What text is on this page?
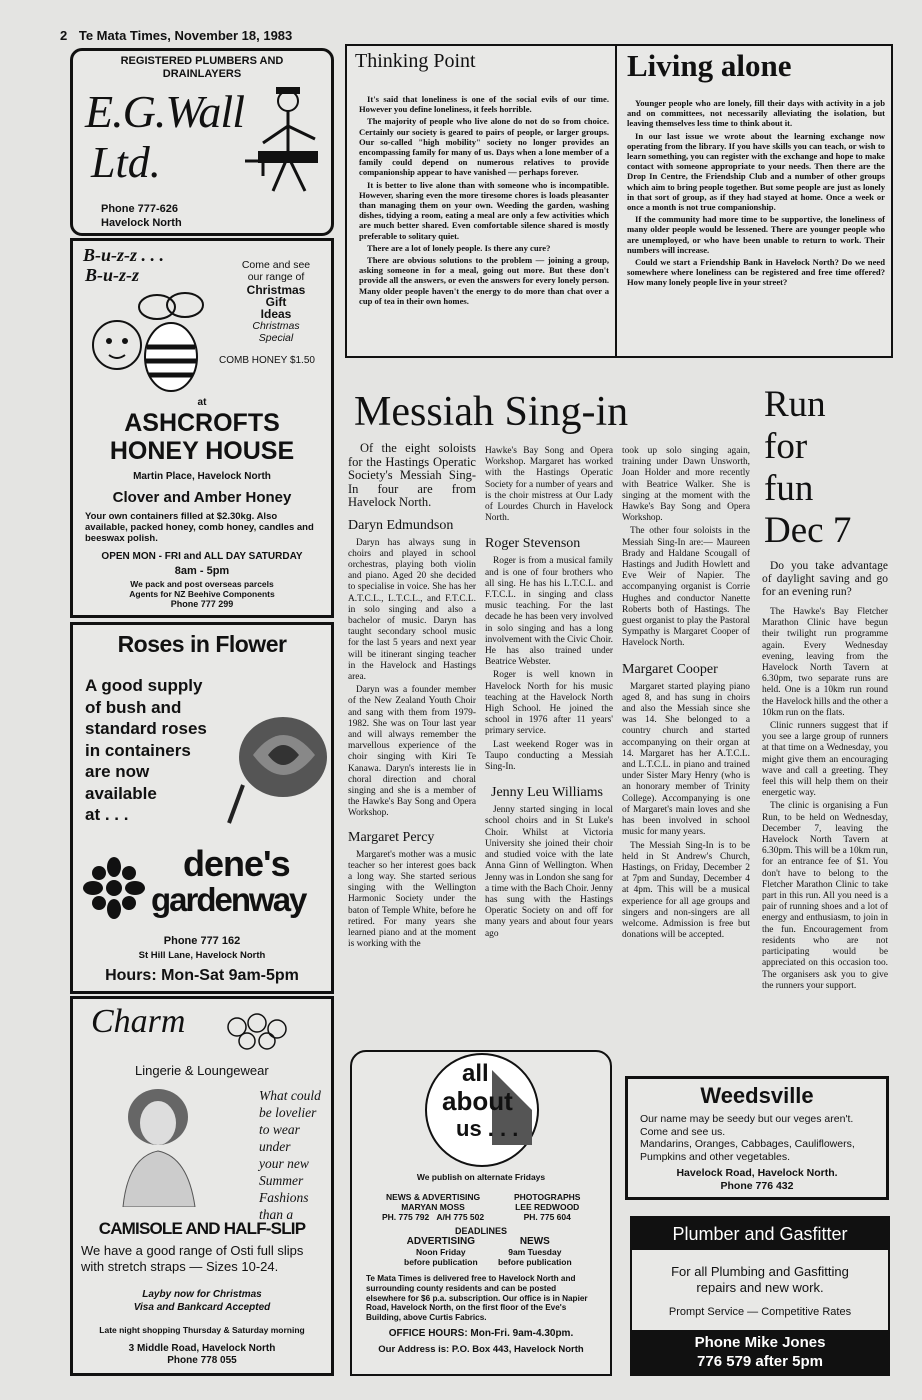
2 Te Mata Times, November 18, 1983
REGISTERED PLUMBERS AND
DRAINLAYERS
E.G.Wall
Ltd.
Phone 777-626
Havelock North
B-u-z-z . . .
B-u-z-z	Come and see
our range of
Christmas
Gift
Ideas
Christmas
Special
COMB HONEY $1.50
at
ASHCROFTS
HONEY HOUSE
Martin Place, Havelock North
Clover and Amber Honey
Your own containers filled at $2.30kg. Also available, packed honey, comb honey, candles and beeswax polish.
OPEN MON - FRI and ALL DAY SATURDAY
8am - 5pm
We pack and post overseas parcels
Agents for NZ Beehive Components
Phone 777 299
Roses in Flower
A good supply
of bush and
standard roses
in containers
are now
available
at . . .
dene's
gardenway
Phone 777 162
St Hill Lane, Havelock North
Hours: Mon-Sat 9am-5pm
Charm
Lingerie & Loungewear
What could
be lovelier
to wear under
your new
Summer
Fashions
than a
CAMISOLE AND HALF-SLIP
We have a good range of Osti full slips with stretch straps — Sizes 10-24.
Layby now for Christmas
Visa and Bankcard Accepted
Late night shopping Thursday & Saturday morning
3 Middle Road, Havelock North
Phone 778 055
Thinking Point

It's said that loneliness is one of the social evils of our time. However you define loneliness, it feels horrible.

The majority of people who live alone do not do so from choice. Certainly our society is geared to pairs of people, or larger groups. Our so-called "high mobility" society no longer provides an encompassing family for many of us. Days when a lone member of a family could depend on numerous relatives to provide companionship appear to have vanished — perhaps forever.

It is better to live alone than with someone who is incompatible. However, sharing even the more tiresome chores is loads pleasanter than managing them on your own. Weeding the garden, washing dishes, tidying a room, eating a meal are only a few activities which are much better shared. Even comfortable silence shared is mostly preferable to solitary quiet.

There are a lot of lonely people. Is there any cure?

There are obvious solutions to the problem — joining a group, asking someone in for a meal, going out more. But these don't provide all the answers, or even the answers for every lonely person. Many older people haven't the energy to do more than chat over a cup of tea in their own homes.

Living alone

Younger people who are lonely, fill their days with activity in a job and on committees, not necessarily alleviating the isolation, but leaving themselves less time to think about it.

In our last issue we wrote about the learning exchange now operating from the library. If you have skills you can teach, or wish to learn something, you can register with the exchange and hope to make contact with someone appropriate to your needs. Then there are the Drop In Centre, the Friendship Club and a number of other groups which aim to bring people together. But some people are just as lonely in that sort of group, as if they had stayed at home. Once a week or once a month is not true companionship.

If the community had more time to be supportive, the loneliness of many older people would be lessened. There are younger people who are unemployed, or who have been unable to return to work. Their numbers will increase.

Could we start a Friendship Bank in Havelock North? Do we need somewhere where loneliness can be registered and free time offered? How many lonely people live in your street?

Messiah Sing-in
Of the eight soloists for the Hastings Operatic Society's Messiah Sing-In four are from Havelock North.
Daryn Edmundson

Daryn has always sung in choirs and played in school orchestras, playing both violin and piano. Aged 20 she decided to specialise in voice. She has her A.T.C.L., L.T.C.L., and F.T.C.L. in solo singing and also a bachelor of music. Daryn has taught secondary school music for the last 5 years and next year will be itinerant singing teacher in the Havelock and Hastings area.

Daryn was a founder member of the New Zealand Youth Choir and sang with them from 1979-1982. She was on Tour last year and will always remember the marvellous experience of the choir singing with Kiri Te Kanawa. Daryn's interests lie in choral direction and choral singing and she is a member of the Hawke's Bay Song and Opera Workshop.

Margaret Percy

Margaret's mother was a music teacher so her interest goes back a long way. She started serious singing with the Wellington Harmonic Society under the baton of Temple White, before he retired. For many years she learned piano and at the moment is working with the

Hawke's Bay Song and Opera Workshop. Margaret has worked with the Hastings Operatic Society for a number of years and is the choir mistress at Our Lady of Lourdes Church in Havelock North.

Roger Stevenson

Roger is from a musical family and is one of four brothers who all sing. He has his L.T.C.L. and F.T.C.L. in singing and class music teaching. For the last decade he has been very involved in solo singing and has a long involvement with the Civic Choir. He has also trained under Beatrice Webster.

Roger is well known in Havelock North for his music teaching at the Havelock North High School. He joined the school in 1976 after 11 years' primary service.

Last weekend Roger was in Taupo conducting a Messiah Sing-In.

Jenny Leu Williams

Jenny started singing in local school choirs and in St Luke's Choir. Whilst at Victoria University she joined their choir and studied voice with the late Anna Ginn of Wellington. When Jenny was in London she sang for a time with the Bach Choir. Jenny has sung with the Hastings Operatic Society on and off for many years and about four years ago

took up solo singing again, training under Dawn Unsworth, Joan Holder and more recently with Beatrice Walker. She is singing at the moment with the Hawke's Bay Song and Opera Workshop.

The other four soloists in the Messiah Sing-In are:— Maureen Brady and Haldane Scougall of Hastings and Judith Howlett and Eve Weir of Napier. The accompanying organist is Corrie Hughes and conductor Nanette Roberts both of Hastings. The guest organist to play the Pastoral Sympathy is Margaret Cooper of Havelock North.

Margaret Cooper

Margaret started playing piano aged 8, and has sung in choirs and also the Messiah since she was 14. She belonged to a country church and started accompanying on their organ at 14. Margaret has her A.T.C.L. and L.T.C.L. in piano and trained under Sister Mary Henry (who is an honorary member of Trinity College). Accompanying is one of Margaret's main loves and she has been involved in school music for many years.

The Messiah Sing-In is to be held in St Andrew's Church, Hastings, on Friday, December 2 at 7pm and Sunday, December 4 at 4pm. This will be a musical experience for all age groups and singers and non-singers are all welcome. Admission is free but donations will be accepted.

Run
for
fun
Dec 7
Do you take advantage of daylight saving and go for an evening run?

The Hawke's Bay Fletcher Marathon Clinic have begun their twilight run programme again. Every Wednesday evening, leaving from the Havelock North Tavern at 6.30pm, two separate runs are held. One is a 10km run round the Havelock hills and the other a 10km run on the flats.

Clinic runners suggest that if you see a large group of runners at that time on a Wednesday, you might give them an encouraging wave and call a greeting. They feel this will help them on their energetic way.

The clinic is organising a Fun Run, to be held on Wednesday, December 7, leaving the Havelock North Tavern at 6.30pm. This will be a 10km run, for an entrance fee of $1. You don't have to belong to the Fletcher Marathon Clinic to take part in this run. All you need is a pair of running shoes and a lot of energy and enthusiasm, to join in the fun. Encouragement from residents who are not participating would be appreciated on this occasion too. The organisers ask you to give the runners your support.

all
about
us . . .
We publish on alternate Fridays
NEWS & ADVERTISING
MARYAN MOSS
PH. 775 792 A/H 775 502
PHOTOGRAPHS
LEE REDWOOD
PH. 775 604
DEADLINES
ADVERTISING
Noon Friday
before publication
NEWS
9am Tuesday
before publication
Te Mata Times is delivered free to Havelock North and surrounding county residents and can be posted elsewhere for $6 p.a. subscription. Our office is in Napier Road, Havelock North, on the first floor of the Eve's Building, above Curtis Fabrics.
OFFICE HOURS: Mon-Fri. 9am-4.30pm.
Our Address is: P.O. Box 443, Havelock North
Weedsville
Our name may be seedy but our veges aren't.
Come and see us.
Mandarins, Oranges, Cabbages, Cauliflowers,
Pumpkins and other vegetables.
Havelock Road, Havelock North.
Phone 776 432
Plumber and Gasfitter
For all Plumbing and Gasfitting
repairs and new work.
Prompt Service — Competitive Rates
Phone Mike Jones
776 579 after 5pm
